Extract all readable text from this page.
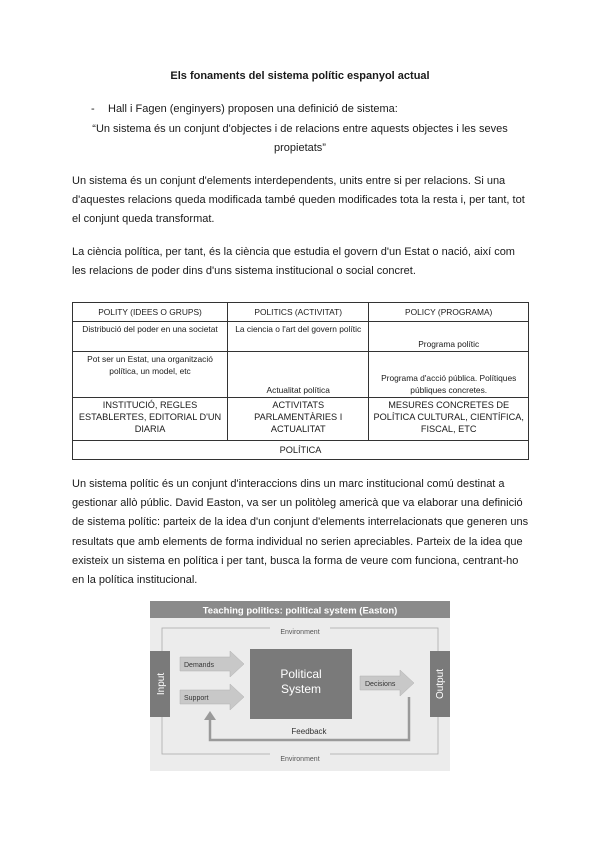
Els fonaments del sistema polític espanyol actual
- Hall i Fagen (enginyers) proposen una definició de sistema:
“Un sistema és un conjunt d'objectes i de relacions entre aquests objectes i les seves propietats”
Un sistema és un conjunt d'elements interdependents, units entre si per relacions. Si una d'aquestes relacions queda modificada també queden modificades tota la resta i, per tant, tot el conjunt queda transformat.
La ciència política, per tant, és la ciència que estudia el govern d'un Estat o nació, així com les relacions de poder dins d'uns sistema institucional o social concret.
POLITY (IDEES O GRUPS)	POLITICS (ACTIVITAT)	POLICY (PROGRAMA)
Distribució del poder en una societat	La ciencia o l'art del govern polític	Programa polític
Pot ser un Estat, una organització política, un model, etc	Actualitat política	Programa d'acció pública. Polítiques públiques concretes.
INSTITUCIÓ, REGLES ESTABLERTES, EDITORIAL D'UN DIARIA	ACTIVITATS PARLAMENTÀRIES I ACTUALITAT	MESURES CONCRETES DE POLÍTICA CULTURAL, CIENTÍFICA, FISCAL, ETC
POLÍTICA		
Un sistema polític és un conjunt d'interaccions dins un marc institucional comú destinat a gestionar allò públic. David Easton, va ser un politòleg americà que va elaborar una definició de sistema polític: parteix de la idea d'un conjunt d'elements interrelacionats que generen uns resultats que amb elements de forma individual no serien apreciables. Parteix de la idea que existeix un sistema en política i per tant, busca la forma de veure com funciona, centrant-ho en la política institucional.
Teaching politics: political system (Easton)
Environment
Environment
Input	Output
Demands
Support
Political
System	Decisions
Feedback
